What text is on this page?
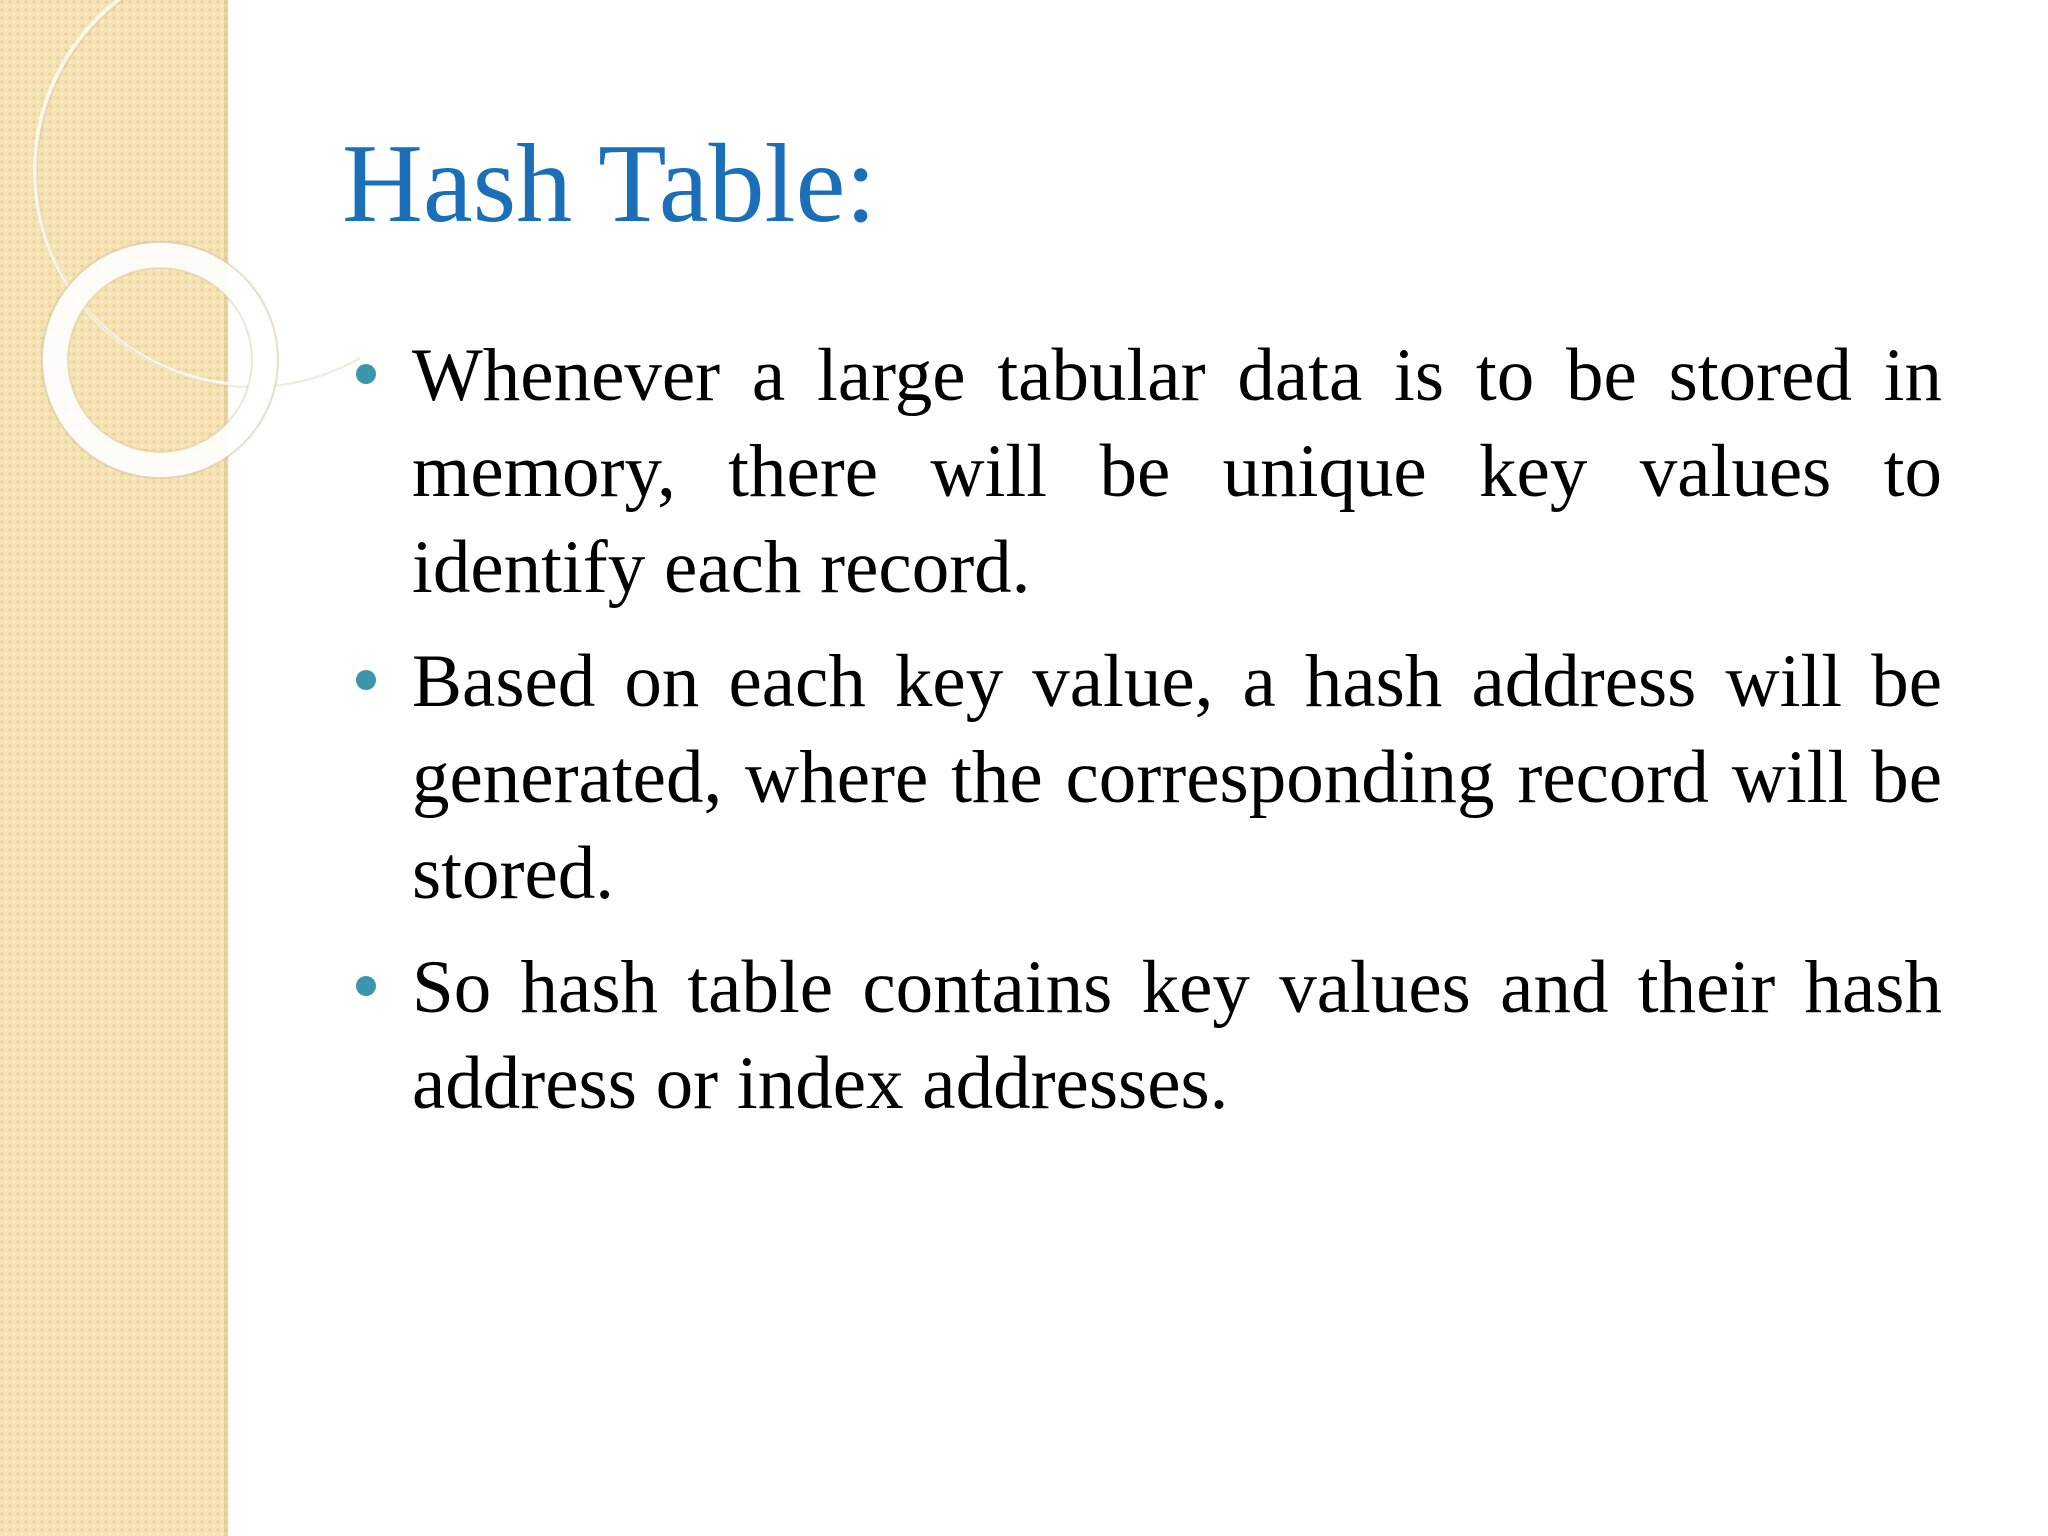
Hash Table:
Whenever a large tabular data is to be stored in memory, there will be unique key values to identify each record.
Based on each key value, a hash address will be generated, where the corresponding record will be stored.
So hash table contains key values and their hash address or index addresses.
